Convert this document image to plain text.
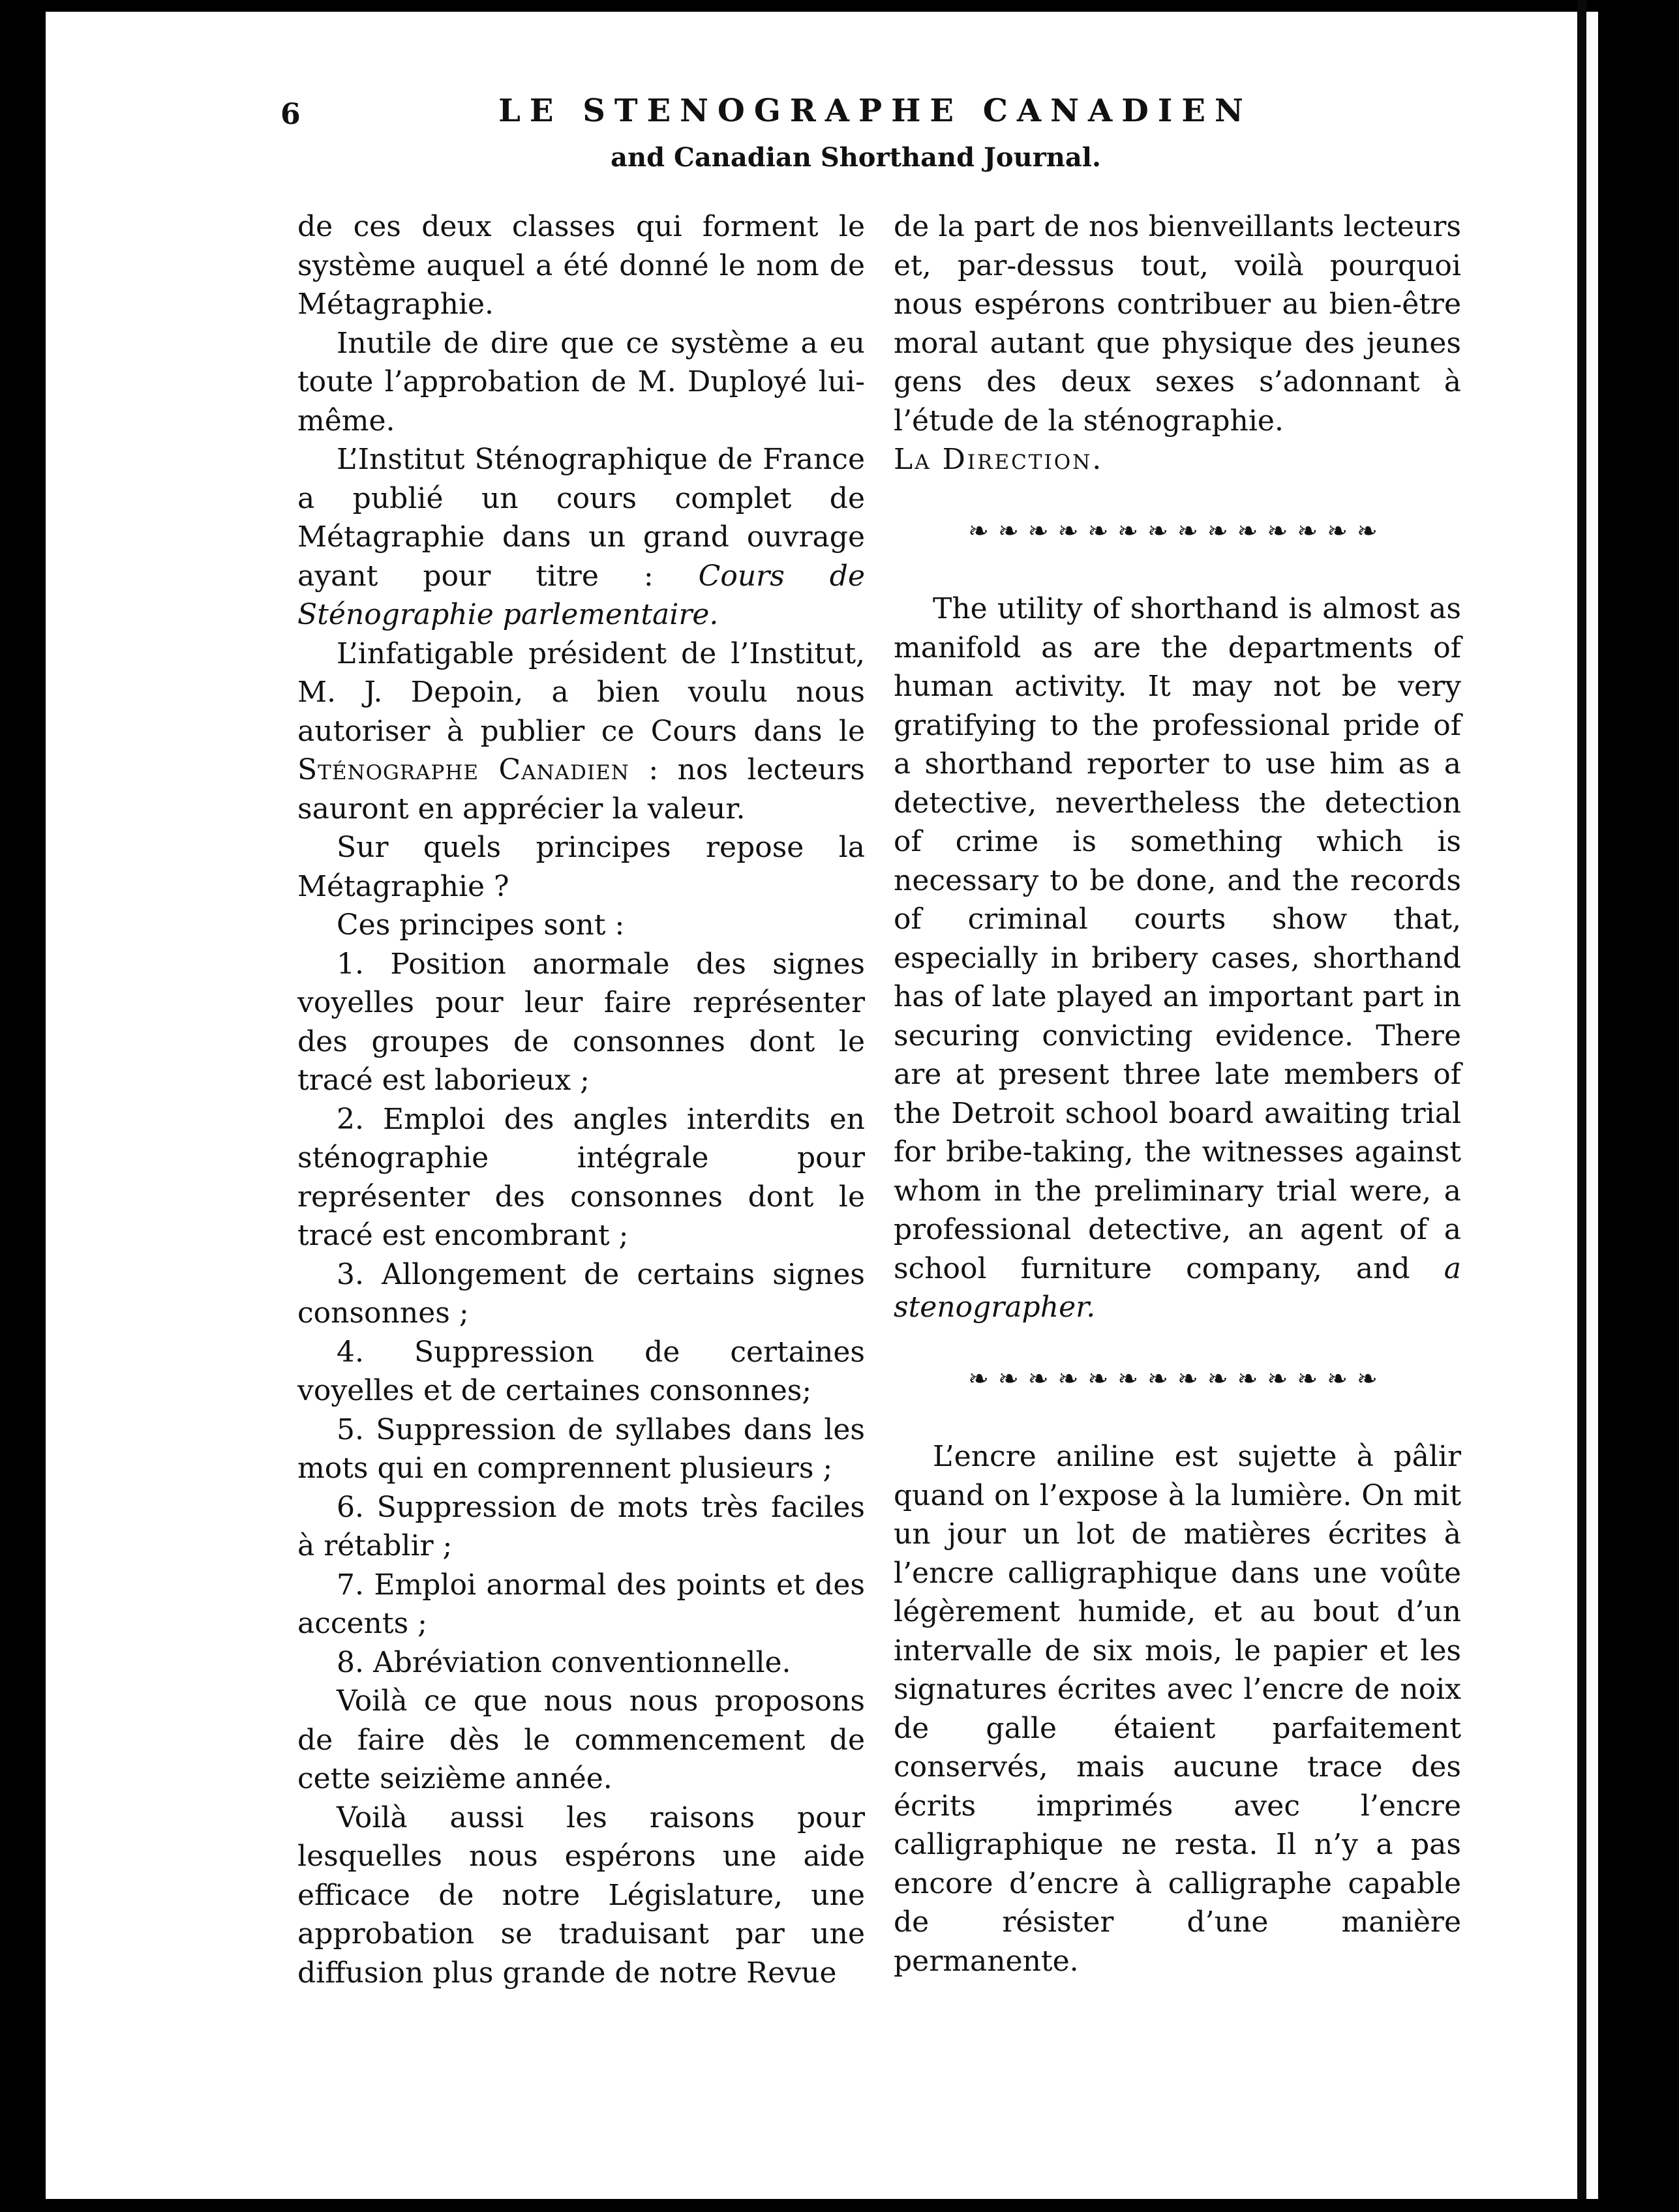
6	LE STENOGRAPHE CANADIEN
and Canadian Shorthand Journal.

de ces deux classes qui forment le système auquel a été donné le nom de Métagraphie.

Inutile de dire que ce système a eu toute l’approbation de M. Duployé lui-même.

L’Institut Sténographique de France a publié un cours complet de Métagraphie dans un grand ouvrage ayant pour titre : Cours de Sténographie parlementaire.

L’infatigable président de l’Institut, M. J. Depoin, a bien voulu nous autoriser à publier ce Cours dans le Sténographe Canadien : nos lecteurs sauront en apprécier la valeur.

Sur quels principes repose la Métagraphie ?

Ces principes sont :

1. Position anormale des signes voyelles pour leur faire représenter des groupes de consonnes dont le tracé est laborieux ;

2. Emploi des angles interdits en sténographie intégrale pour représenter des consonnes dont le tracé est encombrant ;

3. Allongement de certains signes consonnes ;

4. Suppression de certaines voyelles et de certaines consonnes;

5. Suppression de syllabes dans les mots qui en comprennent plusieurs ;

6. Suppression de mots très faciles à rétablir ;

7. Emploi anormal des points et des accents ;

8. Abréviation conventionnelle.

Voilà ce que nous nous proposons de faire dès le commencement de cette seizième année.

Voilà aussi les raisons pour lesquelles nous espérons une aide efficace de notre Législature, une approbation se traduisant par une diffusion plus grande de notre Revue

de la part de nos bienveillants lecteurs et, par-dessus tout, voilà pourquoi nous espérons contribuer au bien-être moral autant que physique des jeunes gens des deux sexes s’adonnant à l’étude de la sténographie.

La Direction.

❧❧❧❧❧❧❧❧❧❧❧❧❧❧

The utility of shorthand is almost as manifold as are the departments of human activity. It may not be very gratifying to the professional pride of a shorthand reporter to use him as a detective, nevertheless the detection of crime is something which is necessary to be done, and the records of criminal courts show that, especially in bribery cases, shorthand has of late played an important part in securing convicting evidence. There are at present three late members of the Detroit school board awaiting trial for bribe-taking, the witnesses against whom in the preliminary trial were, a professional detective, an agent of a school furniture company, and a stenographer.

❧❧❧❧❧❧❧❧❧❧❧❧❧❧

L’encre aniline est sujette à pâlir quand on l’expose à la lumière. On mit un jour un lot de matières écrites à l’encre calligraphique dans une voûte légèrement humide, et au bout d’un intervalle de six mois, le papier et les signatures écrites avec l’encre de noix de galle étaient parfaitement conservés, mais aucune trace des écrits imprimés avec l’encre calligraphique ne resta. Il n’y a pas encore d’encre à calligraphe capable de résister d’une manière permanente.
